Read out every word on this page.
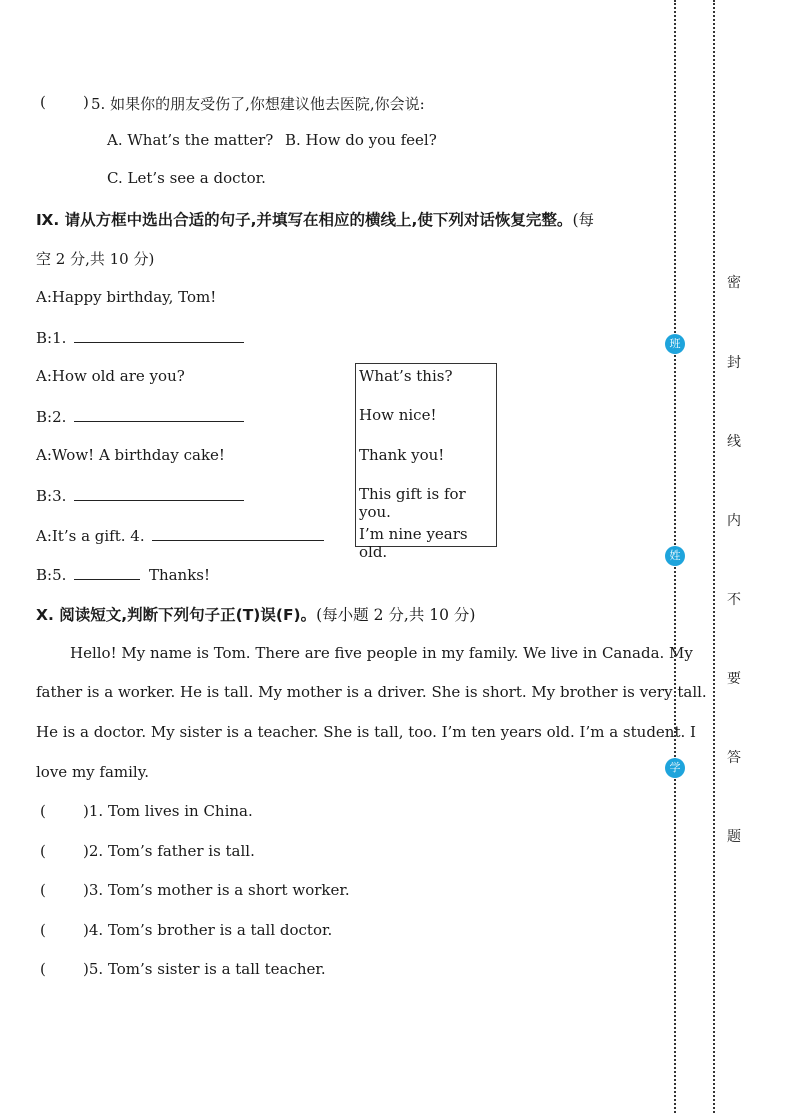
( ) 5. 如果你的朋友受伤了,你想建议他去医院,你会说:
A. What’s the matter? B. How do you feel?
C. Let’s see a doctor.
Ⅸ. 请从方框中选出合适的句子,并填写在相应的横线上,使下列对话恢复完整。(每
空 2 分,共 10 分)
A:Happy birthday, Tom!
B:1.
A:How old are you?
B:2.
A:Wow! A birthday cake!
B:3.
A:It’s a gift. 4.
B:5.	Thanks!
What’s this?
How nice!
Thank you!
This gift is for you.
I’m nine years old.
Ⅹ. 阅读短文,判断下列句子正(T)误(F)。(每小题 2 分,共 10 分)
Hello! My name is Tom. There are five people in my family. We live in Canada. My
father is a worker. He is tall. My mother is a driver. She is short. My brother is very tall.
He is a doctor. My sister is a teacher. She is tall, too. I’m ten years old. I’m a student. I
love my family.
( )1. Tom lives in China.
( )2. Tom’s father is tall.
( )3. Tom’s mother is a short worker.
( )4. Tom’s brother is a tall doctor.
( )5. Tom’s sister is a tall teacher.
密
封
线
内
不
要
答
题
班
姓
学
